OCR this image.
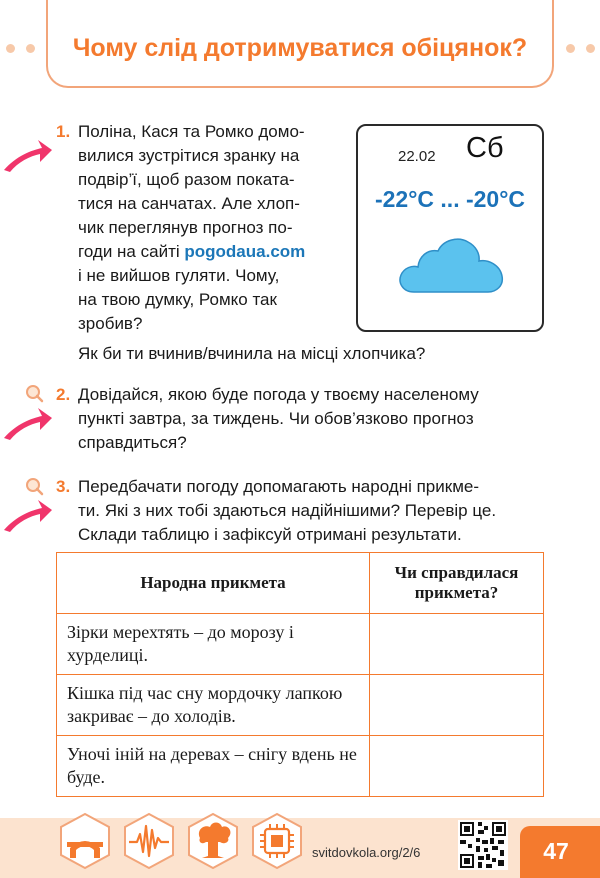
Чому слід дотримуватися обіцянок?
1. Поліна, Кася та Ромко домо-
вилися зустрітися зранку на
подвір’ї, щоб разом поката-
тися на санчатах. Але хлоп-
чик переглянув прогноз по-
годи на сайті pogodaua.com
і не вийшов гуляти. Чому,
на твою думку, Ромко так
зробив?
Як би ти вчинив/вчинила на місці хлопчика?
22.02 Сб
-22°C ... -20°C
2. Довідайся, якою буде погода у твоєму населеному
пункті завтра, за тиждень. Чи обов’язково прогноз
справдиться?
3. Передбачати погоду допомагають народні прикме-
ти. Які з них тобі здаються надійнішими? Перевір це.
Склади таблицю і зафіксуй отримані результати.
Народна прикмета	Чи справдилася прикмета?
Зірки мерехтять – до морозу і хурделиці.	
Кішка під час сну мордочку лапкою закриває – до холодів.	
Уночі іній на деревах – снігу вдень не буде.	
svitdovkola.org/2/6	47
